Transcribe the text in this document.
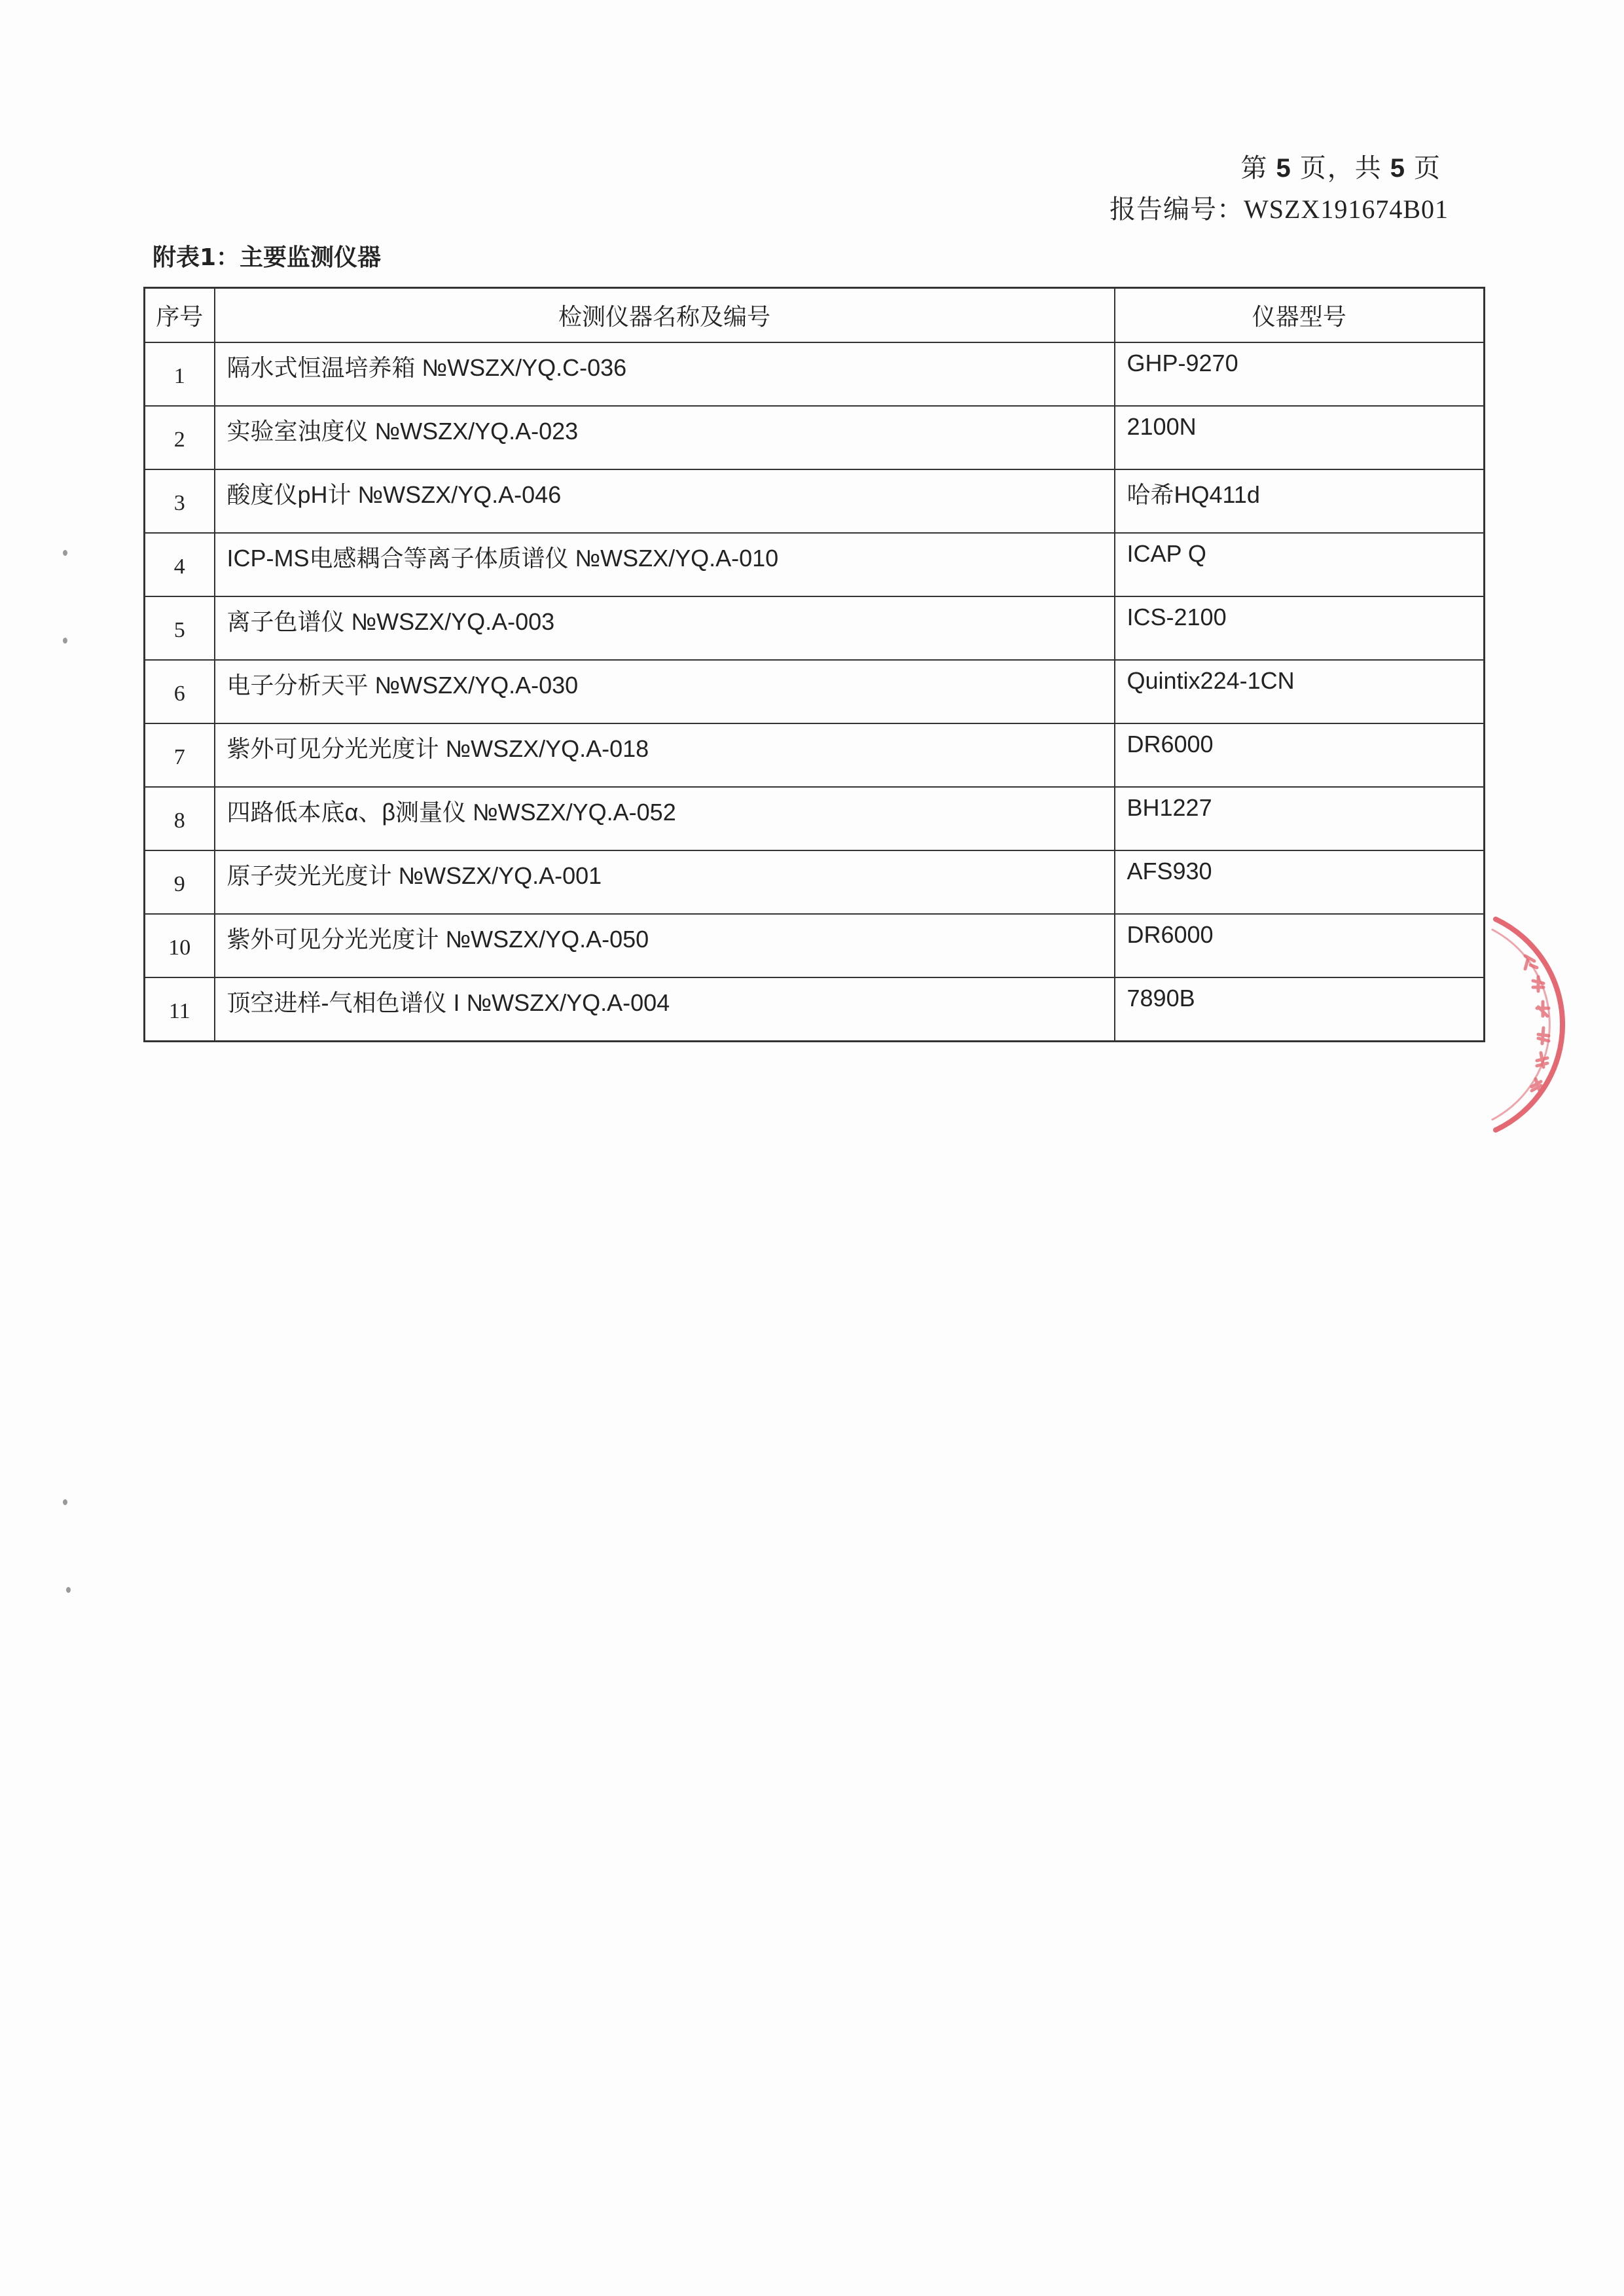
第 5 页，共 5 页
报告编号：WSZX191674B01
附表1：主要监测仪器
序号	检测仪器名称及编号	仪器型号
1	隔水式恒温培养箱 №WSZX/YQ.C-036	GHP-9270
2	实验室浊度仪 №WSZX/YQ.A-023	2100N
3	酸度仪pH计 №WSZX/YQ.A-046	哈希HQ411d
4	ICP-MS电感耦合等离子体质谱仪 №WSZX/YQ.A-010	ICAP Q
5	离子色谱仪 №WSZX/YQ.A-003	ICS-2100
6	电子分析天平 №WSZX/YQ.A-030	Quintix224-1CN
7	紫外可见分光光度计 №WSZX/YQ.A-018	DR6000
8	四路低本底α、β测量仪 №WSZX/YQ.A-052	BH1227
9	原子荧光光度计 №WSZX/YQ.A-001	AFS930
10	紫外可见分光光度计 №WSZX/YQ.A-050	DR6000
11	顶空进样-气相色谱仪 I №WSZX/YQ.A-004	7890B
